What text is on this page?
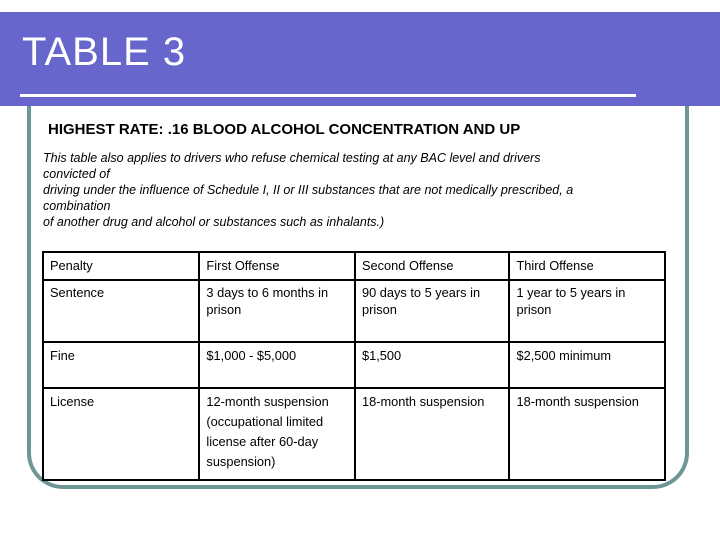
TABLE 3
HIGHEST RATE: .16 BLOOD ALCOHOL CONCENTRATION AND UP
This table also applies to drivers who refuse chemical testing at any BAC level and drivers
convicted of
driving under the influence of Schedule I, II or III substances that are not medically prescribed, a
combination
of another drug and alcohol or substances such as inhalants.)
Penalty	First Offense	Second Offense	Third Offense
Sentence	3 days to 6 months in prison	90 days to 5 years in prison	1 year to 5 years in prison
Fine	$1,000 - $5,000	$1,500	$2,500 minimum
License	12-month suspension (occupational limited license after 60-day suspension)	18-month suspension	18-month suspension
